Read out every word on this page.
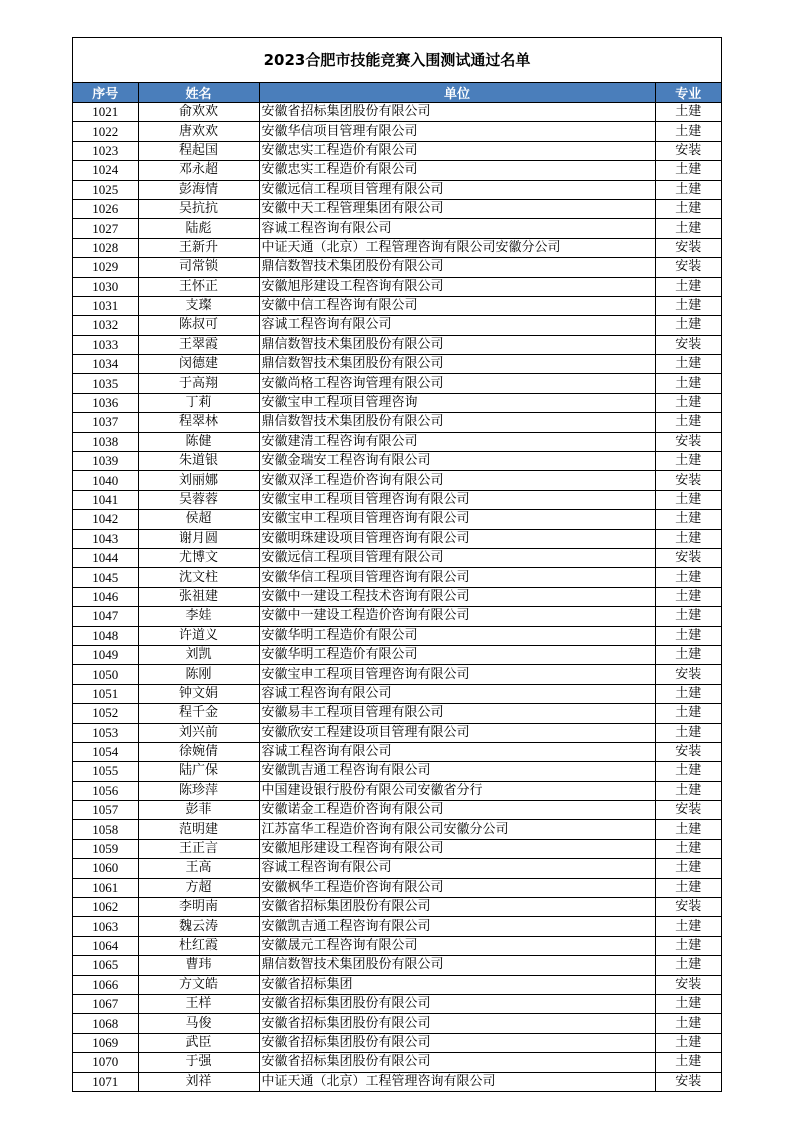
2023合肥市技能竞赛入围测试通过名单
序号	姓名	单位	专业
1021	俞欢欢	安徽省招标集团股份有限公司	土建
1022	唐欢欢	安徽华信项目管理有限公司	土建
1023	程起国	安徽忠实工程造价有限公司	安装
1024	邓永超	安徽忠实工程造价有限公司	土建
1025	彭海情	安徽远信工程项目管理有限公司	土建
1026	吴抗抗	安徽中天工程管理集团有限公司	土建
1027	陆彪	容诚工程咨询有限公司	土建
1028	王新升	中证天通（北京）工程管理咨询有限公司安徽分公司	安装
1029	司常锁	鼎信数智技术集团股份有限公司	安装
1030	王怀正	安徽旭彤建设工程咨询有限公司	土建
1031	支璨	安徽中信工程咨询有限公司	土建
1032	陈叔可	容诚工程咨询有限公司	土建
1033	王翠霞	鼎信数智技术集团股份有限公司	安装
1034	闵德建	鼎信数智技术集团股份有限公司	土建
1035	于高翔	安徽尚格工程咨询管理有限公司	土建
1036	丁莉	安徽宝申工程项目管理咨询	土建
1037	程翠林	鼎信数智技术集团股份有限公司	土建
1038	陈健	安徽建清工程咨询有限公司	安装
1039	朱道银	安徽金瑞安工程咨询有限公司	土建
1040	刘丽娜	安徽双泽工程造价咨询有限公司	安装
1041	吴蓉蓉	安徽宝申工程项目管理咨询有限公司	土建
1042	侯超	安徽宝申工程项目管理咨询有限公司	土建
1043	谢月圆	安徽明珠建设项目管理咨询有限公司	土建
1044	尤博文	安徽远信工程项目管理有限公司	安装
1045	沈文柱	安徽华信工程项目管理咨询有限公司	土建
1046	张祖建	安徽中一建设工程技术咨询有限公司	土建
1047	李娃	安徽中一建设工程造价咨询有限公司	土建
1048	许道义	安徽华明工程造价有限公司	土建
1049	刘凯	安徽华明工程造价有限公司	土建
1050	陈刚	安徽宝申工程项目管理咨询有限公司	安装
1051	钟文娟	容诚工程咨询有限公司	土建
1052	程千金	安徽易丰工程项目管理有限公司	土建
1053	刘兴前	安徽欣安工程建设项目管理有限公司	土建
1054	徐婉倩	容诚工程咨询有限公司	安装
1055	陆广保	安徽凯吉通工程咨询有限公司	土建
1056	陈珍萍	中国建设银行股份有限公司安徽省分行	土建
1057	彭菲	安徽诺金工程造价咨询有限公司	安装
1058	范明建	江苏富华工程造价咨询有限公司安徽分公司	土建
1059	王正言	安徽旭彤建设工程咨询有限公司	土建
1060	王高	容诚工程咨询有限公司	土建
1061	方超	安徽枫华工程造价咨询有限公司	土建
1062	李明南	安徽省招标集团股份有限公司	安装
1063	魏云涛	安徽凯吉通工程咨询有限公司	土建
1064	杜红霞	安徽晟元工程咨询有限公司	土建
1065	曹玮	鼎信数智技术集团股份有限公司	土建
1066	方文皓	安徽省招标集团	安装
1067	王样	安徽省招标集团股份有限公司	土建
1068	马俊	安徽省招标集团股份有限公司	土建
1069	武臣	安徽省招标集团股份有限公司	土建
1070	于强	安徽省招标集团股份有限公司	土建
1071	刘祥	中证天通（北京）工程管理咨询有限公司	安装
